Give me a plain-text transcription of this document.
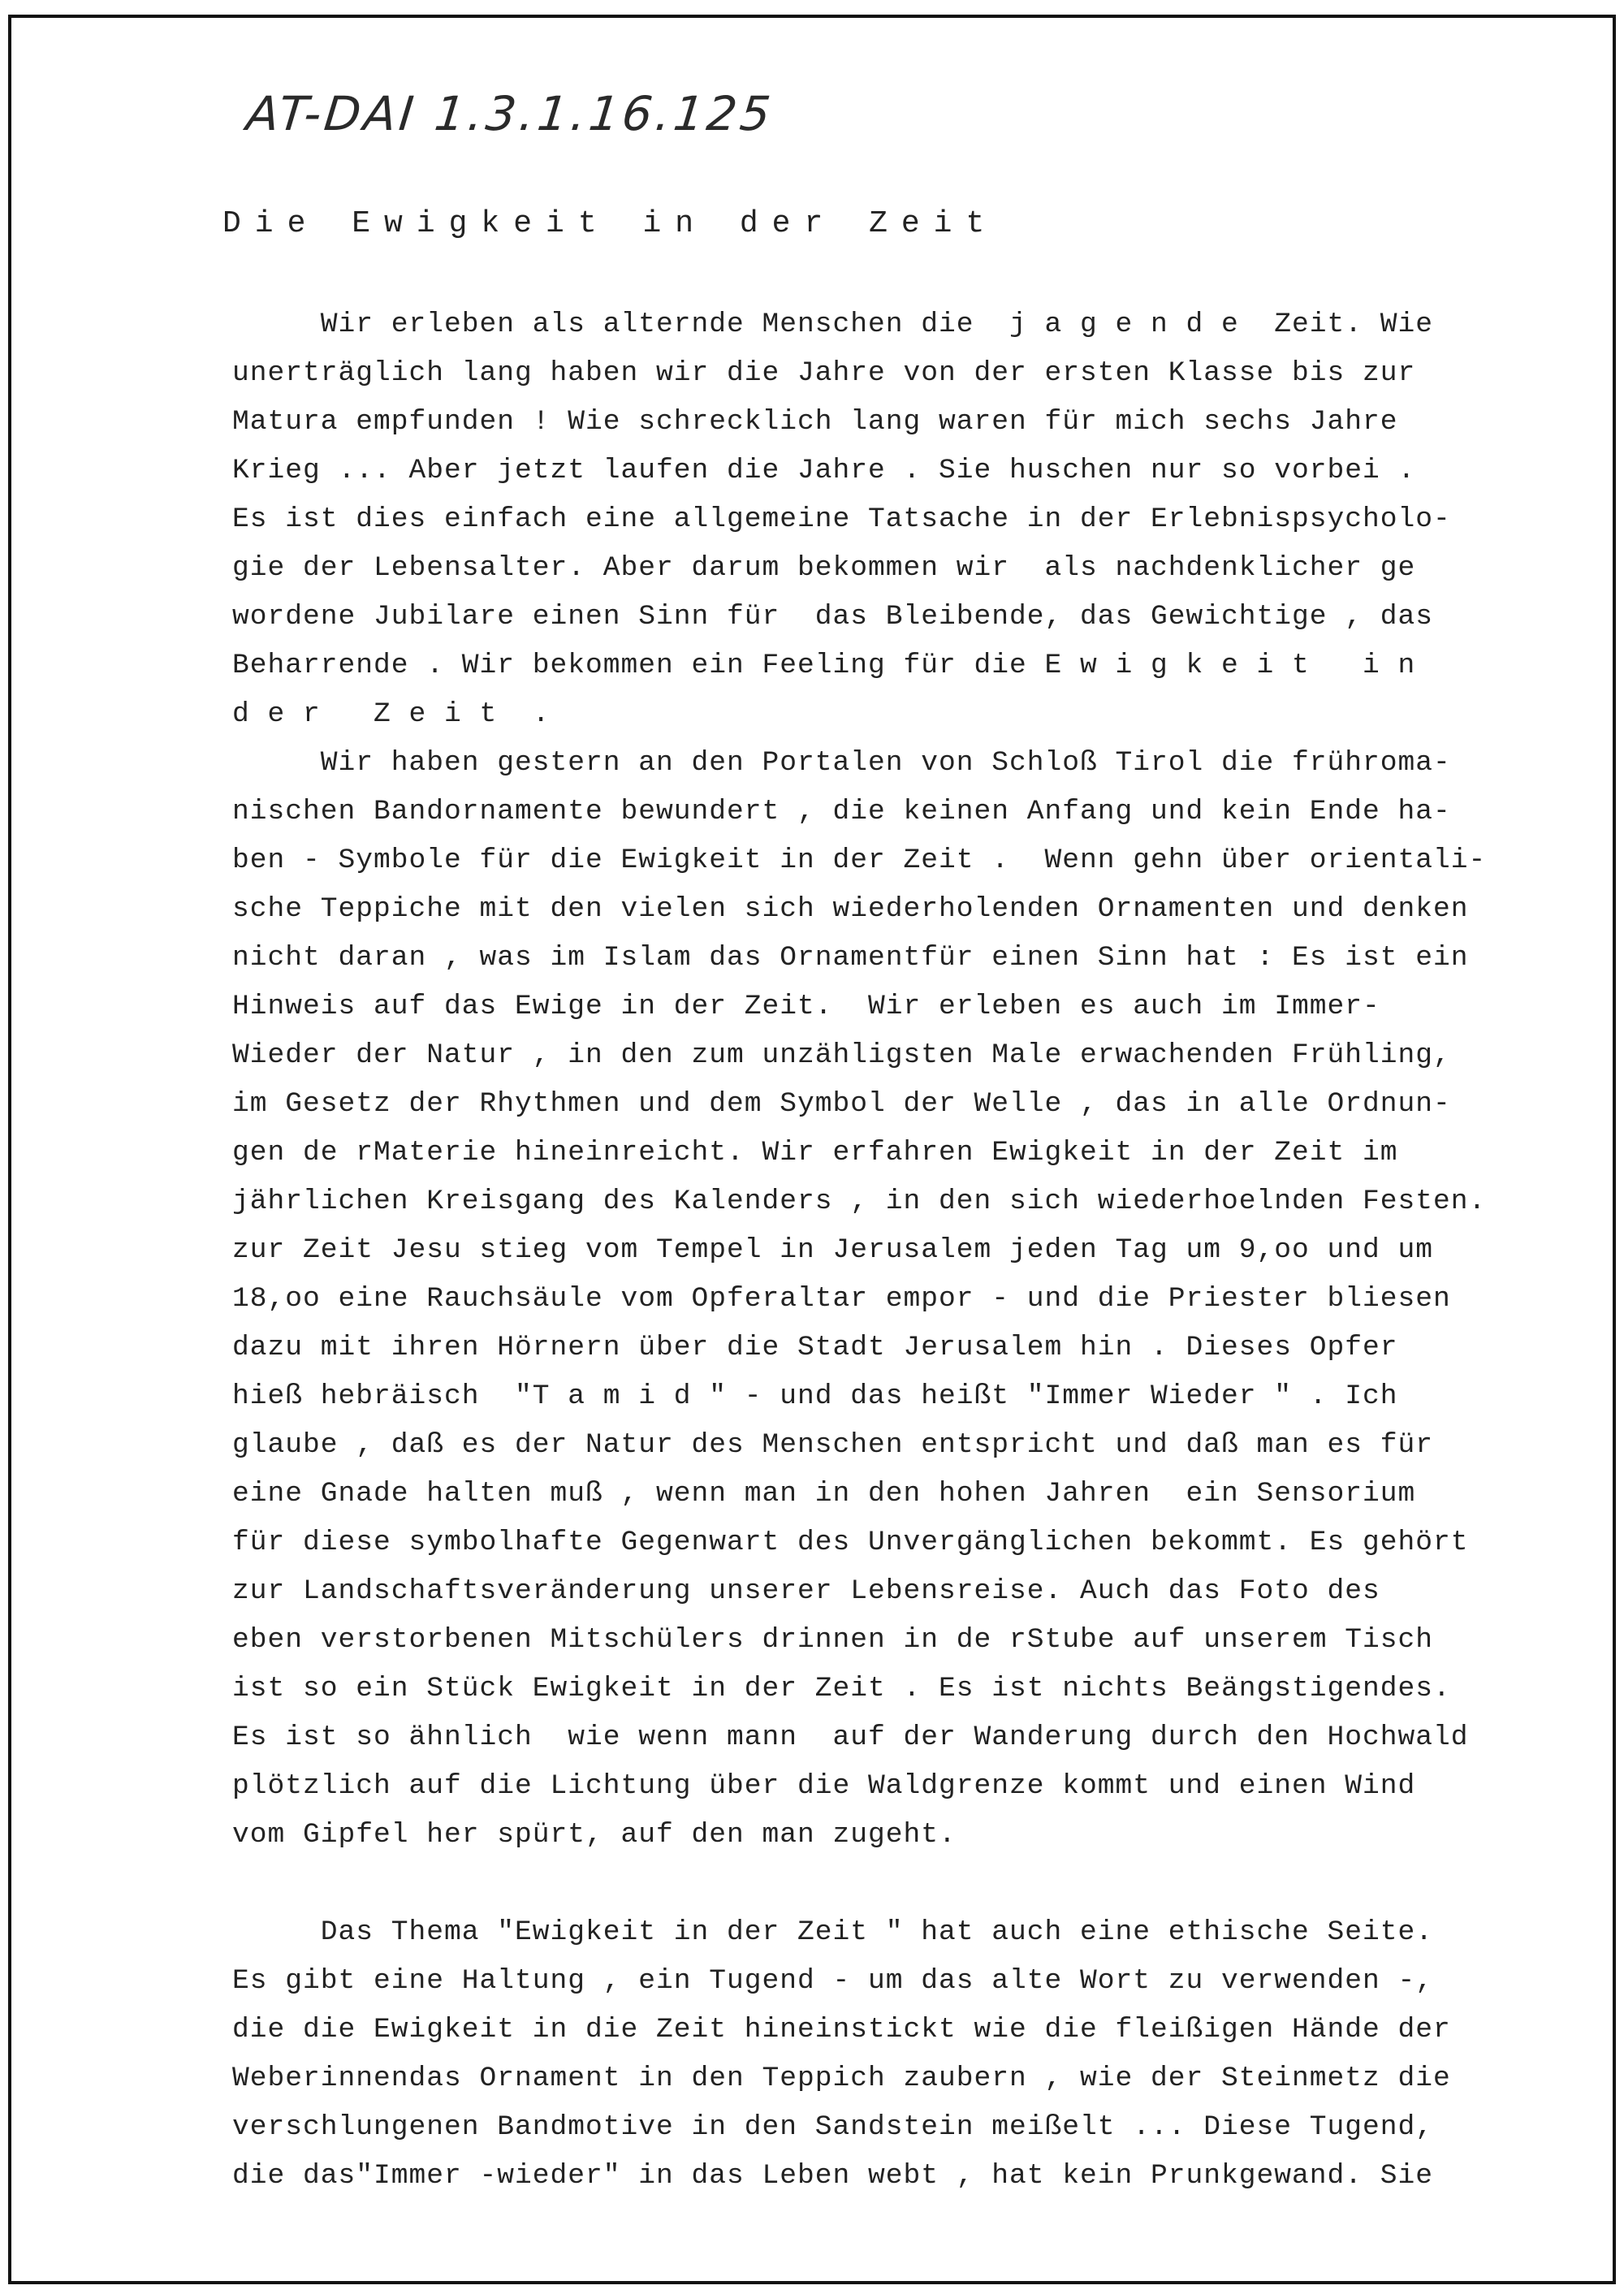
AT-DAI 1.3.1.16.125
Die Ewigkeit in der Zeit
Wir erleben als alternde Menschen die  j a g e n d e  Zeit. Wie
unerträglich lang haben wir die Jahre von der ersten Klasse bis zur
Matura empfunden ! Wie schrecklich lang waren für mich sechs Jahre
Krieg ... Aber jetzt laufen die Jahre . Sie huschen nur so vorbei .
Es ist dies einfach eine allgemeine Tatsache in der Erlebnispsycholo-
gie der Lebensalter. Aber darum bekommen wir  als nachdenklicher ge
wordene Jubilare einen Sinn für  das Bleibende, das Gewichtige , das
Beharrende . Wir bekommen ein Feeling für die E w i g k e i t   i n
d e r   Z e i t  .
Wir haben gestern an den Portalen von Schloß Tirol die frühroma-
nischen Bandornamente bewundert , die keinen Anfang und kein Ende ha-
ben - Symbole für die Ewigkeit in der Zeit .  Wenn gehn über orientali-
sche Teppiche mit den vielen sich wiederholenden Ornamenten und denken
nicht daran , was im Islam das Ornamentfür einen Sinn hat : Es ist ein
Hinweis auf das Ewige in der Zeit.  Wir erleben es auch im Immer-
Wieder der Natur , in den zum unzähligsten Male erwachenden Frühling,
im Gesetz der Rhythmen und dem Symbol der Welle , das in alle Ordnun-
gen de rMaterie hineinreicht. Wir erfahren Ewigkeit in der Zeit im
jährlichen Kreisgang des Kalenders , in den sich wiederhoelnden Festen.
zur Zeit Jesu stieg vom Tempel in Jerusalem jeden Tag um 9,oo und um
18,oo eine Rauchsäule vom Opferaltar empor - und die Priester bliesen
dazu mit ihren Hörnern über die Stadt Jerusalem hin . Dieses Opfer
hieß hebräisch  "T a m i d " - und das heißt "Immer Wieder " . Ich
glaube , daß es der Natur des Menschen entspricht und daß man es für
eine Gnade halten muß , wenn man in den hohen Jahren  ein Sensorium
für diese symbolhafte Gegenwart des Unvergänglichen bekommt. Es gehört
zur Landschaftsveränderung unserer Lebensreise. Auch das Foto des
eben verstorbenen Mitschülers drinnen in de rStube auf unserem Tisch
ist so ein Stück Ewigkeit in der Zeit . Es ist nichts Beängstigendes.
Es ist so ähnlich  wie wenn mann  auf der Wanderung durch den Hochwald
plötzlich auf die Lichtung über die Waldgrenze kommt und einen Wind
vom Gipfel her spürt, auf den man zugeht.
Das Thema "Ewigkeit in der Zeit " hat auch eine ethische Seite.
Es gibt eine Haltung , ein Tugend - um das alte Wort zu verwenden -,
die die Ewigkeit in die Zeit hineinstickt wie die fleißigen Hände der
Weberinnendas Ornament in den Teppich zaubern , wie der Steinmetz die
verschlungenen Bandmotive in den Sandstein meißelt ... Diese Tugend,
die das"Immer -wieder" in das Leben webt , hat kein Prunkgewand. Sie
